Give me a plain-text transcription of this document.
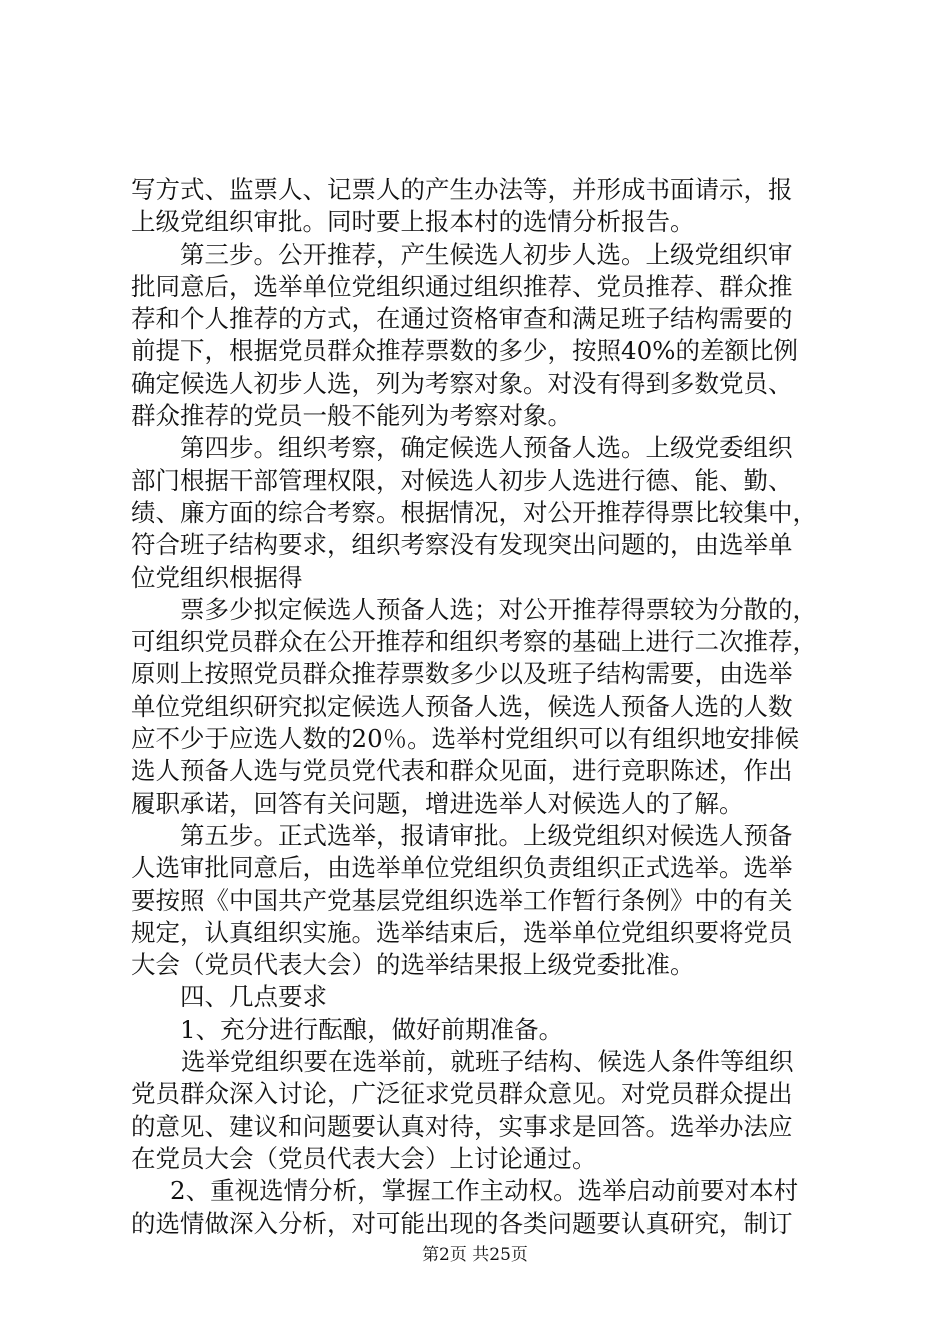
写方式、监票人、记票人的产生办法等，并形成书面请示，报
上级党组织审批。同时要上报本村的选情分析报告。
第三步。公开推荐，产生候选人初步人选。上级党组织审
批同意后，选举单位党组织通过组织推荐、党员推荐、群众推
荐和个人推荐的方式，在通过资格审查和满足班子结构需要的
前提下，根据党员群众推荐票数的多少，按照40%的差额比例
确定候选人初步人选，列为考察对象。对没有得到多数党员、
群众推荐的党员一般不能列为考察对象。
第四步。组织考察，确定候选人预备人选。上级党委组织
部门根据干部管理权限，对候选人初步人选进行德、能、勤、
绩、廉方面的综合考察。根据情况，对公开推荐得票比较集中，
符合班子结构要求，组织考察没有发现突出问题的，由选举单
位党组织根据得
票多少拟定候选人预备人选；对公开推荐得票较为分散的，
可组织党员群众在公开推荐和组织考察的基础上进行二次推荐，
原则上按照党员群众推荐票数多少以及班子结构需要，由选举
单位党组织研究拟定候选人预备人选，候选人预备人选的人数
应不少于应选人数的20％。选举村党组织可以有组织地安排候
选人预备人选与党员党代表和群众见面，进行竞职陈述，作出
履职承诺，回答有关问题，增进选举人对候选人的了解。
第五步。正式选举，报请审批。上级党组织对候选人预备
人选审批同意后，由选举单位党组织负责组织正式选举。选举
要按照《中国共产党基层党组织选举工作暂行条例》中的有关
规定，认真组织实施。选举结束后，选举单位党组织要将党员
大会（党员代表大会）的选举结果报上级党委批准。
四、几点要求
1、充分进行酝酿，做好前期准备。
选举党组织要在选举前，就班子结构、候选人条件等组织
党员群众深入讨论，广泛征求党员群众意见。对党员群众提出
的意见、建议和问题要认真对待，实事求是回答。选举办法应
在党员大会（党员代表大会）上讨论通过。
2、重视选情分析，掌握工作主动权。选举启动前要对本村
的选情做深入分析，对可能出现的各类问题要认真研究，制订
第2页 共25页
